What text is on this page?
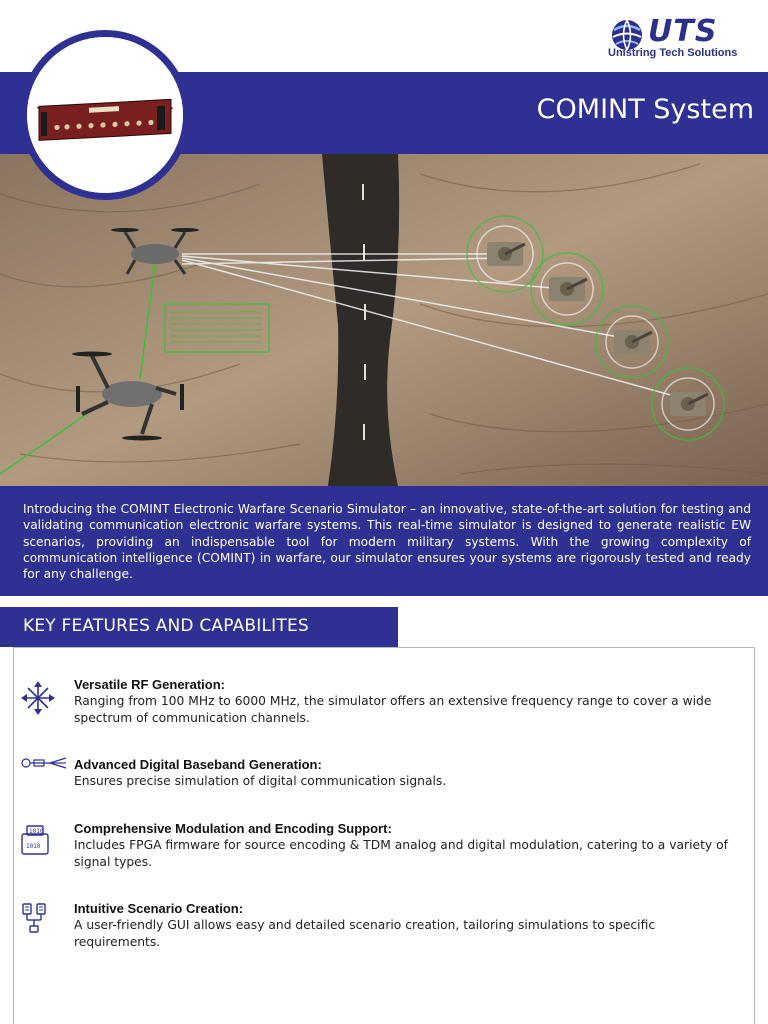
UTS
Unistring Tech Solutions
COMINT System

Introducing the COMINT Electronic Warfare Scenario Simulator – an innovative, state-of-the-art solution for testing and validating communication electronic warfare systems. This real-time simulator is designed to generate realistic EW scenarios, providing an indispensable tool for modern military systems. With the growing complexity of communication intelligence (COMINT) in warfare, our simulator ensures your systems are rigorously tested and ready for any challenge.

KEY FEATURES AND CAPABILITES
Versatile RF Generation:
Ranging from 100 MHz to 6000 MHz, the simulator offers an extensive frequency range to cover a wide spectrum of communication channels.
Advanced Digital Baseband Generation:
Ensures precise simulation of digital communication signals.
1010
1010
Comprehensive Modulation and Encoding Support:
Includes FPGA firmware for source encoding & TDM analog and digital modulation, catering to a variety of signal types.
Intuitive Scenario Creation:
A user-friendly GUI allows easy and detailed scenario creation, tailoring simulations to specific requirements.
